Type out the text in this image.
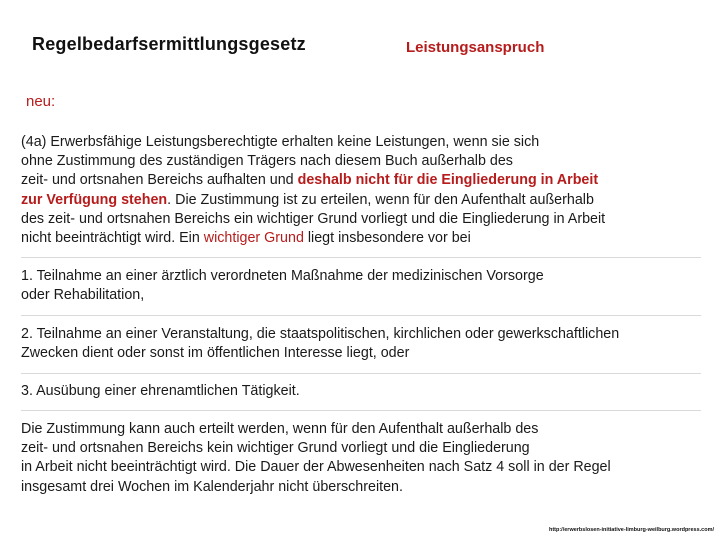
Regelbedarfsermittlungsgesetz	Leistungsanspruch
neu:
(4a) Erwerbsfähige Leistungsberechtigte erhalten keine Leistungen, wenn sie sich
ohne Zustimmung des zuständigen Trägers nach diesem Buch außerhalb des
zeit- und ortsnahen Bereichs aufhalten und deshalb nicht für die Eingliederung in Arbeit
zur Verfügung stehen. Die Zustimmung ist zu erteilen, wenn für den Aufenthalt außerhalb
des zeit- und ortsnahen Bereichs ein wichtiger Grund vorliegt und die Eingliederung in Arbeit
nicht beeinträchtigt wird. Ein wichtiger Grund liegt insbesondere vor bei
1. Teilnahme an einer ärztlich verordneten Maßnahme der medizinischen Vorsorge
oder Rehabilitation,
2. Teilnahme an einer Veranstaltung, die staatspolitischen, kirchlichen oder gewerkschaftlichen
Zwecken dient oder sonst im öffentlichen Interesse liegt, oder
3. Ausübung einer ehrenamtlichen Tätigkeit.
Die Zustimmung kann auch erteilt werden, wenn für den Aufenthalt außerhalb des
zeit- und ortsnahen Bereichs kein wichtiger Grund vorliegt und die Eingliederung
in Arbeit nicht beeinträchtigt wird. Die Dauer der Abwesenheiten nach Satz 4 soll in der Regel
insgesamt drei Wochen im Kalenderjahr nicht überschreiten.
http://erwerbslosen-initiative-limburg-weilburg.wordpress.com/
